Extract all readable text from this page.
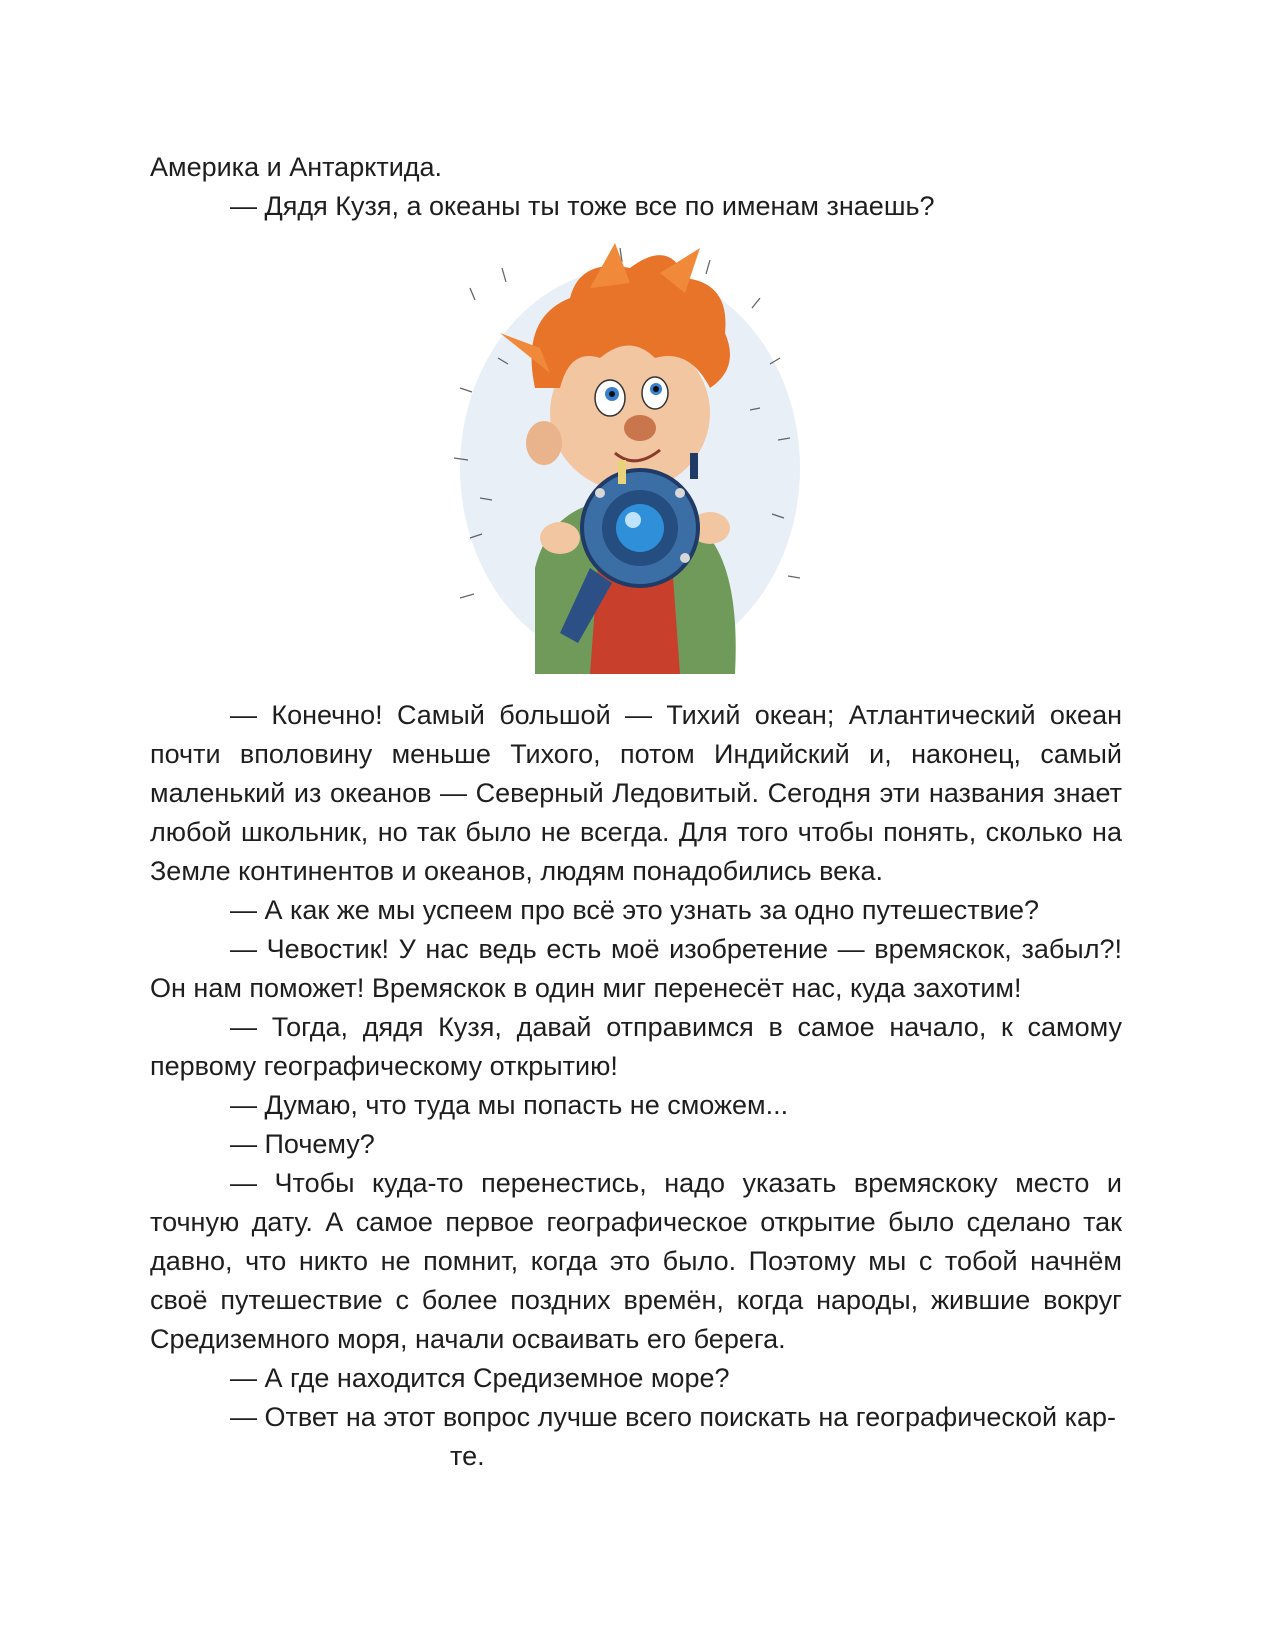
Америка и Антарктида.

— Дядя Кузя, а океаны ты тоже все по именам знаешь?

— Конечно! Самый большой — Тихий океан; Атлантический океан почти вполовину меньше Тихого, потом Индийский и, наконец, самый маленький из океанов — Северный Ледовитый. Сегодня эти названия знает любой школьник, но так было не всегда. Для того чтобы понять, сколько на Земле континентов и океанов, людям понадобились века.

— А как же мы успеем про всё это узнать за одно путешествие?

— Чевостик! У нас ведь есть моё изобретение — времяскок, забыл?! Он нам поможет! Времяскок в один миг перенесёт нас, куда захотим!

— Тогда, дядя Кузя, давай отправимся в самое начало, к самому первому географическому открытию!

— Думаю, что туда мы попасть не сможем...

— Почему?

— Чтобы куда-то перенестись, надо указать времяскоку место и точную дату. А самое первое географическое открытие было сделано так давно, что никто не помнит, когда это было. Поэтому мы с тобой начнём своё путешествие с более поздних времён, когда народы, жившие вокруг Средиземного моря, начали осваивать его берега.

— А где находится Средиземное море?

— Ответ на этот вопрос лучше всего поискать на географической кар-

те.
